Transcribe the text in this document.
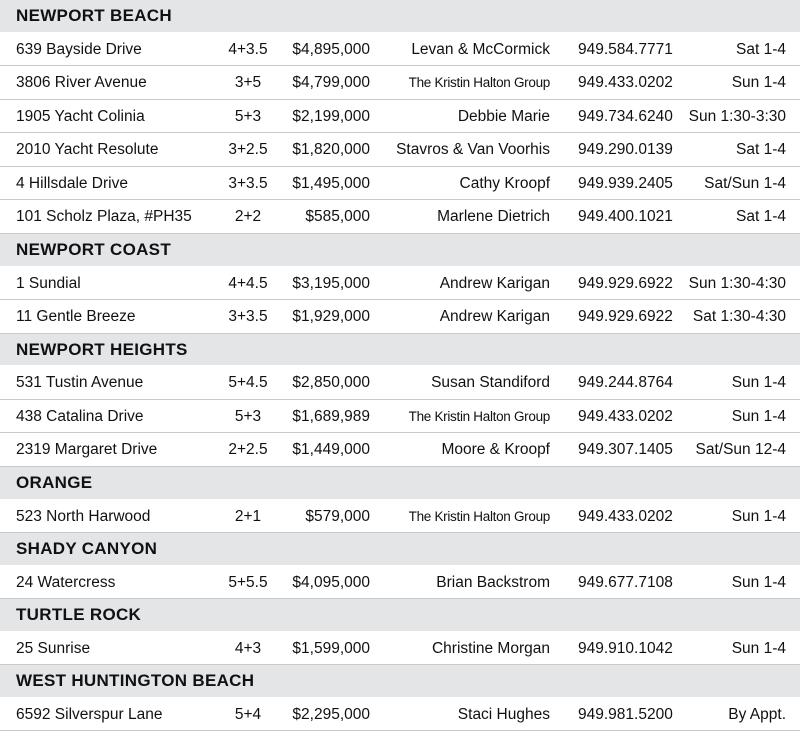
NEWPORT BEACH
639 Bayside Drive	4+3.5	$4,895,000	Levan & McCormick 949.584.7771	Sat 1-4
3806 River Avenue	3+5	$4,799,000	The Kristin Halton Group 949.433.0202	Sun 1-4
1905 Yacht Colinia	5+3	$2,199,000	Debbie Marie 949.734.6240	Sun 1:30-3:30
2010 Yacht Resolute	3+2.5	$1,820,000	Stavros & Van Voorhis 949.290.0139	Sat 1-4
4 Hillsdale Drive	3+3.5	$1,495,000	Cathy Kroopf 949.939.2405	Sat/Sun 1-4
101 Scholz Plaza, #PH35	2+2	$585,000	Marlene Dietrich 949.400.1021	Sat 1-4
NEWPORT COAST
1 Sundial	4+4.5	$3,195,000	Andrew Karigan 949.929.6922	Sun 1:30-4:30
11 Gentle Breeze	3+3.5	$1,929,000	Andrew Karigan 949.929.6922	Sat 1:30-4:30
NEWPORT HEIGHTS
531 Tustin Avenue	5+4.5	$2,850,000	Susan Standiford 949.244.8764	Sun 1-4
438 Catalina Drive	5+3	$1,689,989	The Kristin Halton Group 949.433.0202	Sun 1-4
2319 Margaret Drive	2+2.5	$1,449,000	Moore & Kroopf 949.307.1405	Sat/Sun 12-4
ORANGE
523 North Harwood	2+1	$579,000	The Kristin Halton Group 949.433.0202	Sun 1-4
SHADY CANYON
24 Watercress	5+5.5	$4,095,000	Brian Backstrom 949.677.7108	Sun 1-4
TURTLE ROCK
25 Sunrise	4+3	$1,599,000	Christine Morgan 949.910.1042	Sun 1-4
WEST HUNTINGTON BEACH
6592 Silverspur Lane	5+4	$2,295,000	Staci Hughes 949.981.5200	By Appt.
